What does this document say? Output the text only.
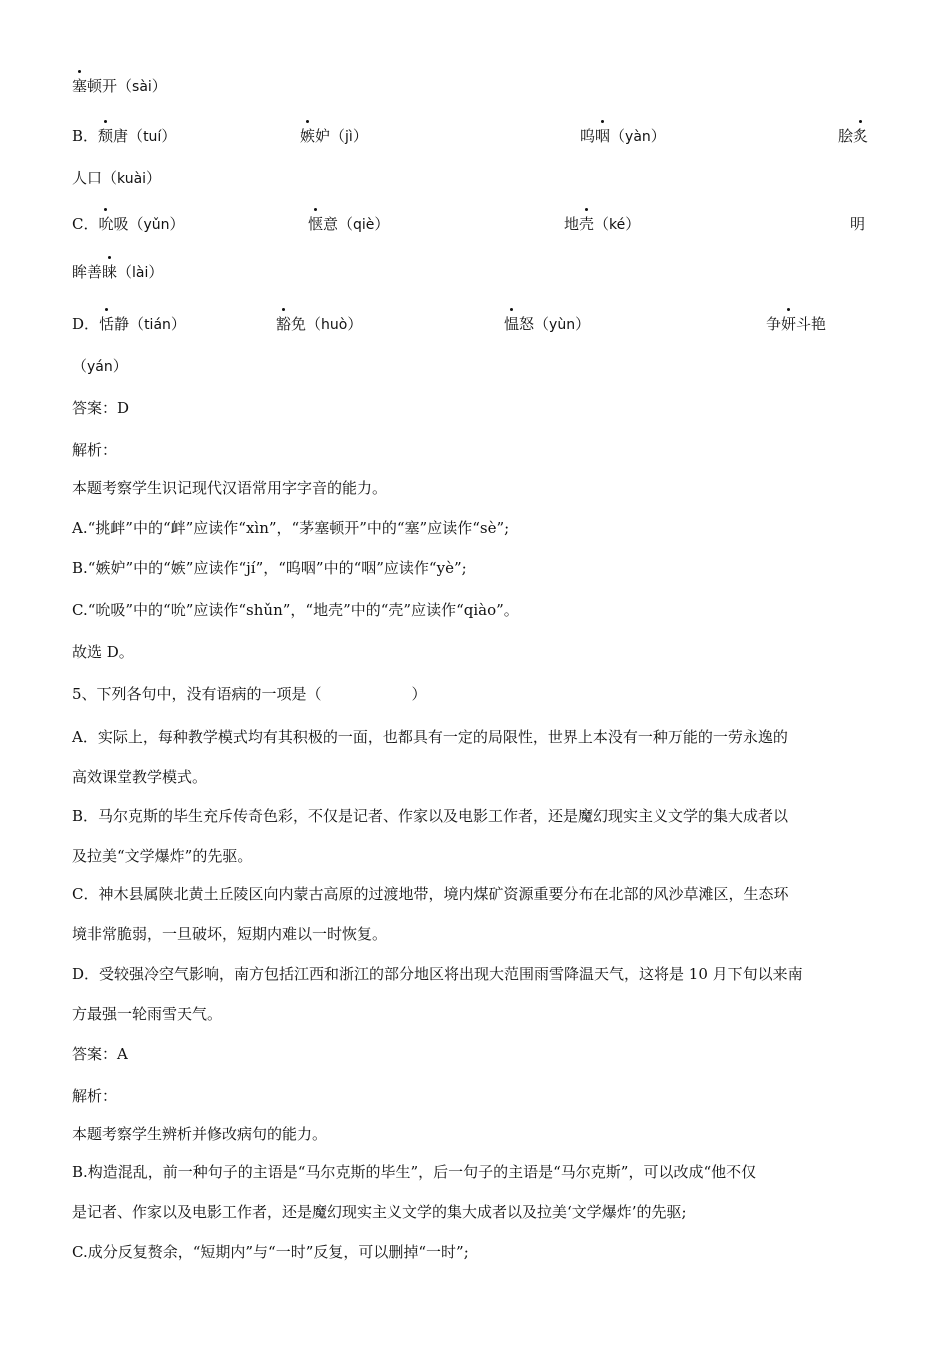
塞顿开（sài）
B．颓唐（tuí）	嫉妒（jì）	呜咽（yàn）	脍炙
人口（kuài）
C．吮吸（yǔn）	惬意（qiè）	地壳（ké）	明
眸善睐（lài）
D．恬静（tián）	豁免（huò）	愠怒（yùn）	争妍斗艳
（yán）
答案：D
解析：
本题考察学生识记现代汉语常用字字音的能力。
A.“挑衅”中的“衅”应读作“xìn”，“茅塞顿开”中的“塞”应读作“sè”;
B.“嫉妒”中的“嫉”应读作“jí”，“呜咽”中的“咽”应读作“yè”;
C.“吮吸”中的“吮”应读作“shǔn”，“地壳”中的“壳”应读作“qiào”。
故选 D。
5、下列各句中，没有语病的一项是（　　　　　　）
A．实际上，每种教学模式均有其积极的一面，也都具有一定的局限性，世界上本没有一种万能的一劳永逸的
高效课堂教学模式。
B．马尔克斯的毕生充斥传奇色彩，不仅是记者、作家以及电影工作者，还是魔幻现实主义文学的集大成者以
及拉美“文学爆炸”的先驱。
C．神木县属陕北黄土丘陵区向内蒙古高原的过渡地带，境内煤矿资源重要分布在北部的风沙草滩区，生态环
境非常脆弱，一旦破坏，短期内难以一时恢复。
D．受较强冷空气影响，南方包括江西和浙江的部分地区将出现大范围雨雪降温天气，这将是 10 月下旬以来南
方最强一轮雨雪天气。
答案：A
解析：
本题考察学生辨析并修改病句的能力。
B.构造混乱，前一种句子的主语是“马尔克斯的毕生”，后一句子的主语是“马尔克斯”，可以改成“他不仅
是记者、作家以及电影工作者，还是魔幻现实主义文学的集大成者以及拉美‘文学爆炸’的先驱;
C.成分反复赘余，“短期内”与“一时”反复，可以删掉“一时”;
